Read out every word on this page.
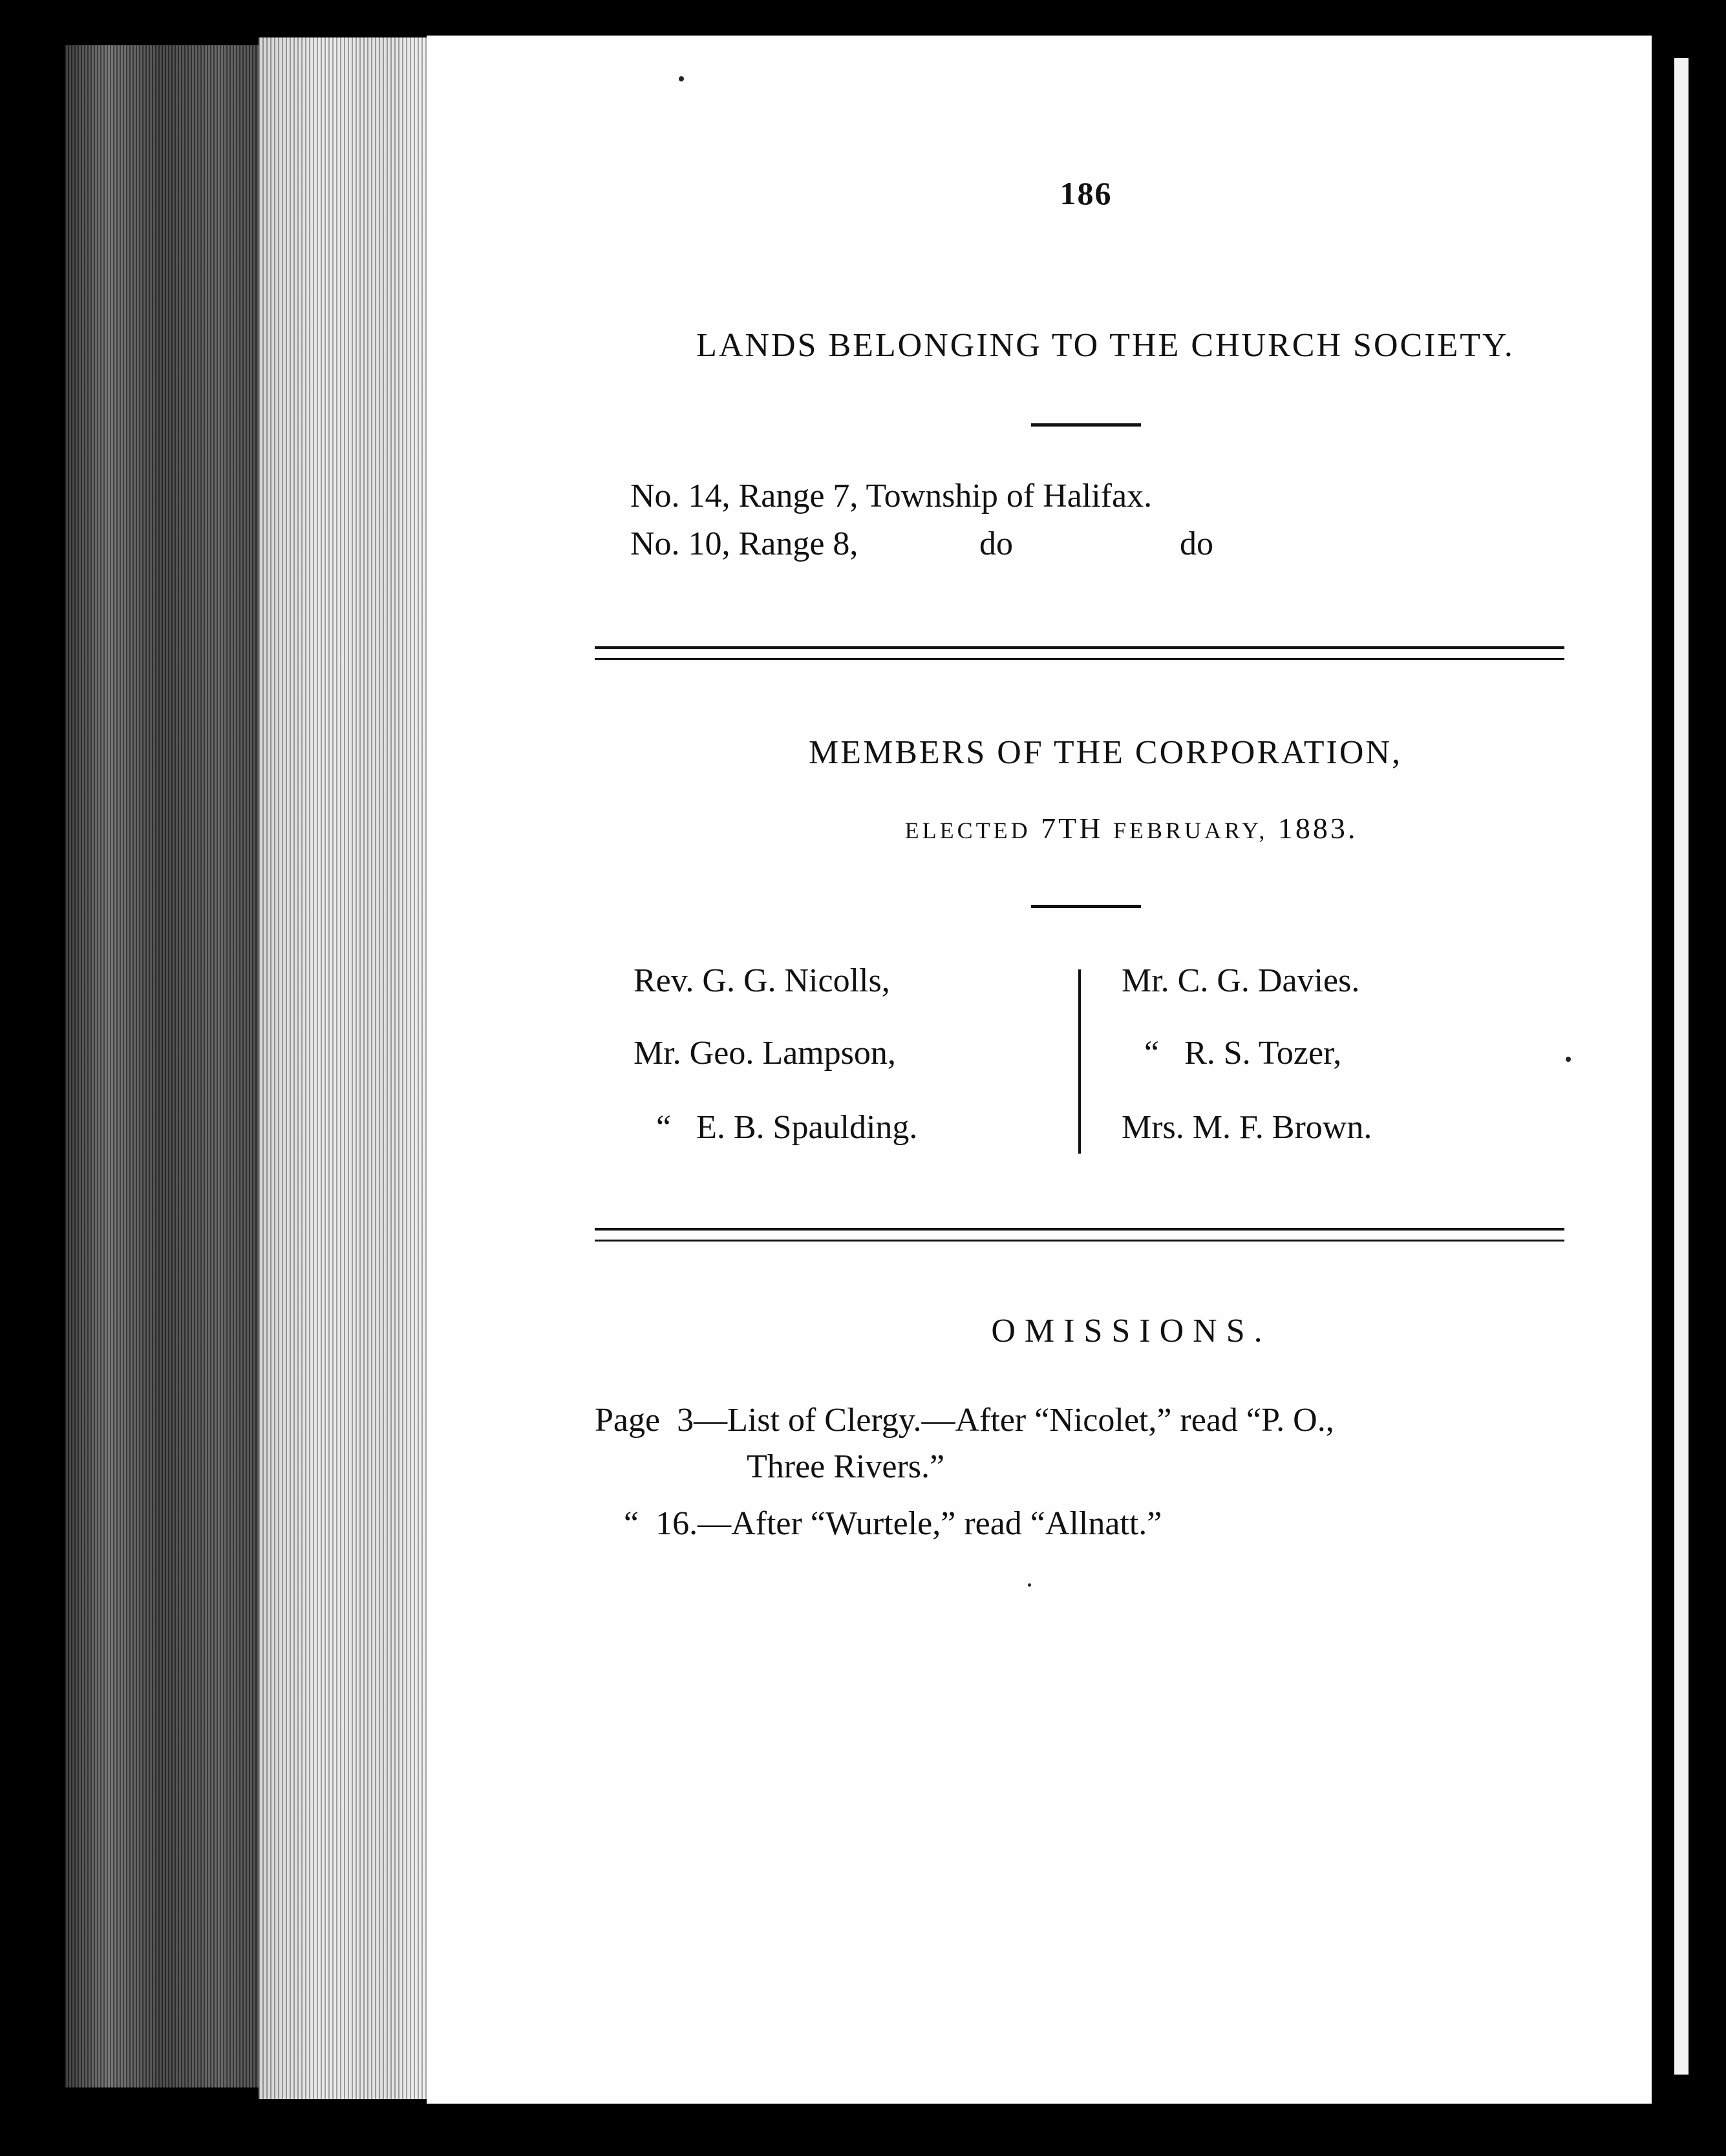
186
LANDS BELONGING TO THE CHURCH SOCIETY.
No. 14, Range 7, Township of Halifax.
No. 10, Range 8,	do	do
MEMBERS OF THE CORPORATION,
ELECTED 7TH FEBRUARY, 1883.
Rev. G. G. Nicolls,
Mr. Geo. Lampson,
“   E. B. Spaulding.
Mr. C. G. Davies.
“   R. S. Tozer,
Mrs. M. F. Brown.
OMISSIONS.
Page  3—List of Clergy.—After “Nicolet,” read “P. O.,
Three Rivers.”
“  16.—After “Wurtele,” read “Allnatt.”
